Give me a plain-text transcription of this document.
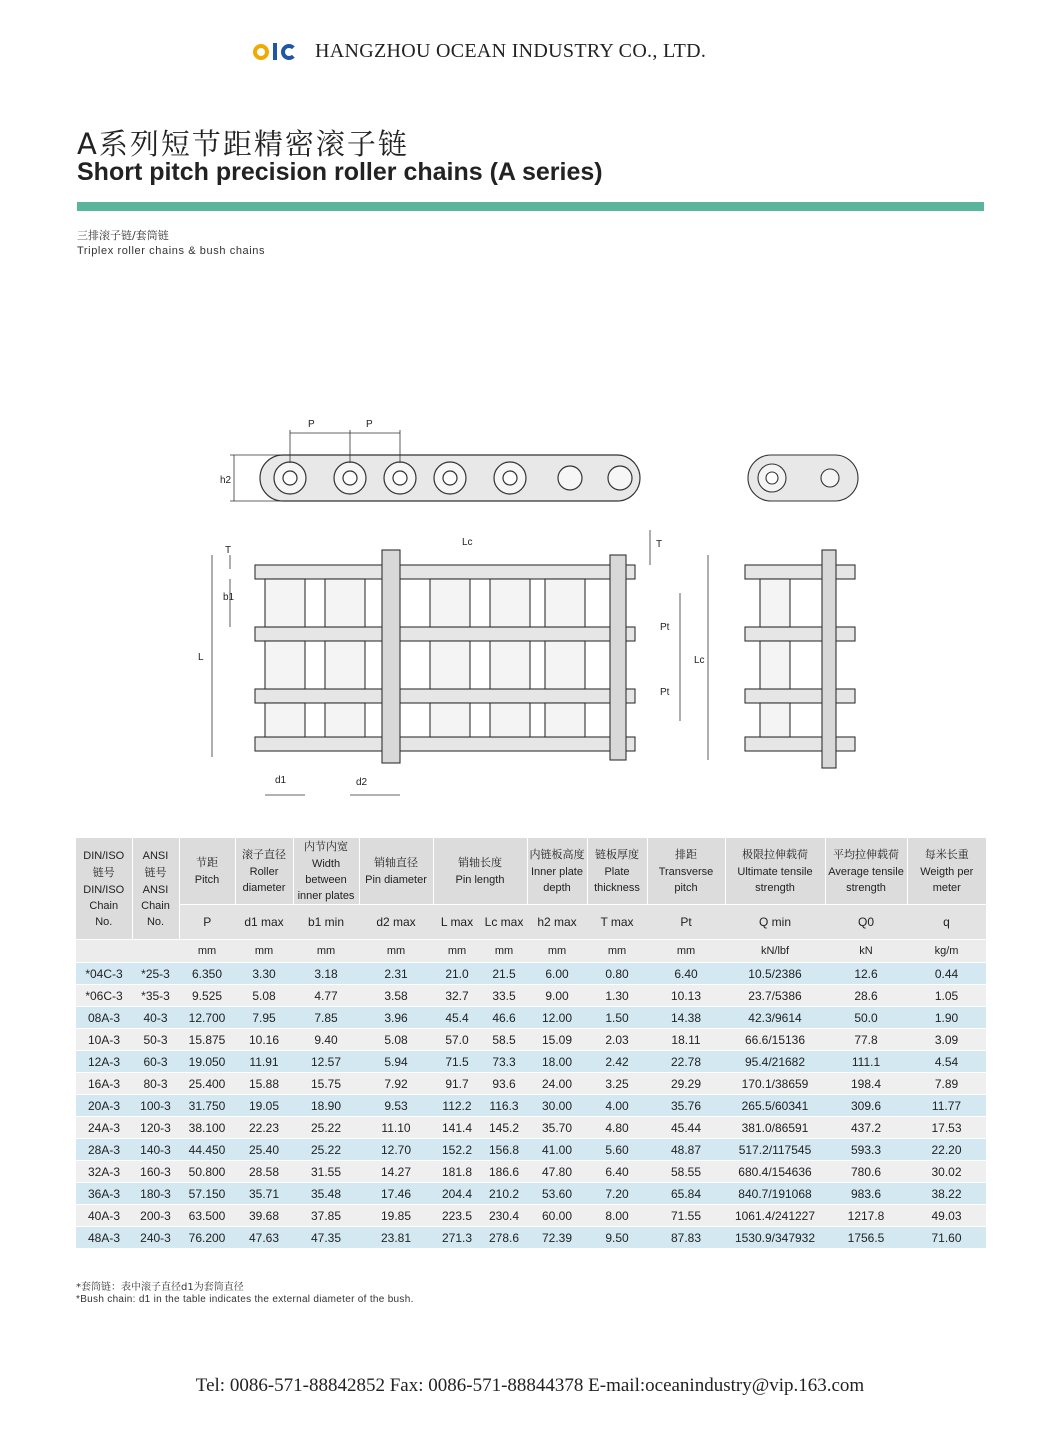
HANGZHOU OCEAN INDUSTRY CO., LTD.
A系列短节距精密滚子链
Short pitch precision roller chains (A series)
三排滚子链/套筒链
Triplex roller chains & bush chains
P	P
h2
T
b1
L
Lc	T
Pt
Pt
Lc
d1	d2
DIN/ISO
链号
DIN/ISO
Chain
No.	ANSI
链号
ANSI
Chain
No.	节距
Pitch	滚子直径
Roller diameter	内节内宽
Width between inner plates	销轴直径
Pin diameter	销轴长度
Pin length		内链板高度
Inner plate depth	链板厚度
Plate thickness	排距
Transverse pitch	极限拉伸载荷
Ultimate tensile strength	平均拉伸载荷
Average tensile strength	每米长重
Weigth per meter

		P	d1 max	b1 min	d2 max	L max	Lc max	h2 max	T max	Pt	Q min	Q0	q
		mm	mm	mm	mm	mm	mm	mm	mm	mm	kN/lbf	kN	kg/m
*04C-3	*25-3	6.350	3.30	3.18	2.31	21.0	21.5	6.00	0.80	6.40	10.5/2386	12.6	0.44
*06C-3	*35-3	9.525	5.08	4.77	3.58	32.7	33.5	9.00	1.30	10.13	23.7/5386	28.6	1.05
08A-3	40-3	12.700	7.95	7.85	3.96	45.4	46.6	12.00	1.50	14.38	42.3/9614	50.0	1.90
10A-3	50-3	15.875	10.16	9.40	5.08	57.0	58.5	15.09	2.03	18.11	66.6/15136	77.8	3.09
12A-3	60-3	19.050	11.91	12.57	5.94	71.5	73.3	18.00	2.42	22.78	95.4/21682	111.1	4.54
16A-3	80-3	25.400	15.88	15.75	7.92	91.7	93.6	24.00	3.25	29.29	170.1/38659	198.4	7.89
20A-3	100-3	31.750	19.05	18.90	9.53	112.2	116.3	30.00	4.00	35.76	265.5/60341	309.6	11.77
24A-3	120-3	38.100	22.23	25.22	11.10	141.4	145.2	35.70	4.80	45.44	381.0/86591	437.2	17.53
28A-3	140-3	44.450	25.40	25.22	12.70	152.2	156.8	41.00	5.60	48.87	517.2/117545	593.3	22.20
32A-3	160-3	50.800	28.58	31.55	14.27	181.8	186.6	47.80	6.40	58.55	680.4/154636	780.6	30.02
36A-3	180-3	57.150	35.71	35.48	17.46	204.4	210.2	53.60	7.20	65.84	840.7/191068	983.6	38.22
40A-3	200-3	63.500	39.68	37.85	19.85	223.5	230.4	60.00	8.00	71.55	1061.4/241227	1217.8	49.03
48A-3	240-3	76.200	47.63	47.35	23.81	271.3	278.6	72.39	9.50	87.83	1530.9/347932	1756.5	71.60
*套筒链：表中滚子直径d1为套筒直径
*Bush chain: d1 in the table indicates the external diameter of the bush.
Tel: 0086-571-88842852 Fax: 0086-571-88844378 E-mail:oceanindustry@vip.163.com
